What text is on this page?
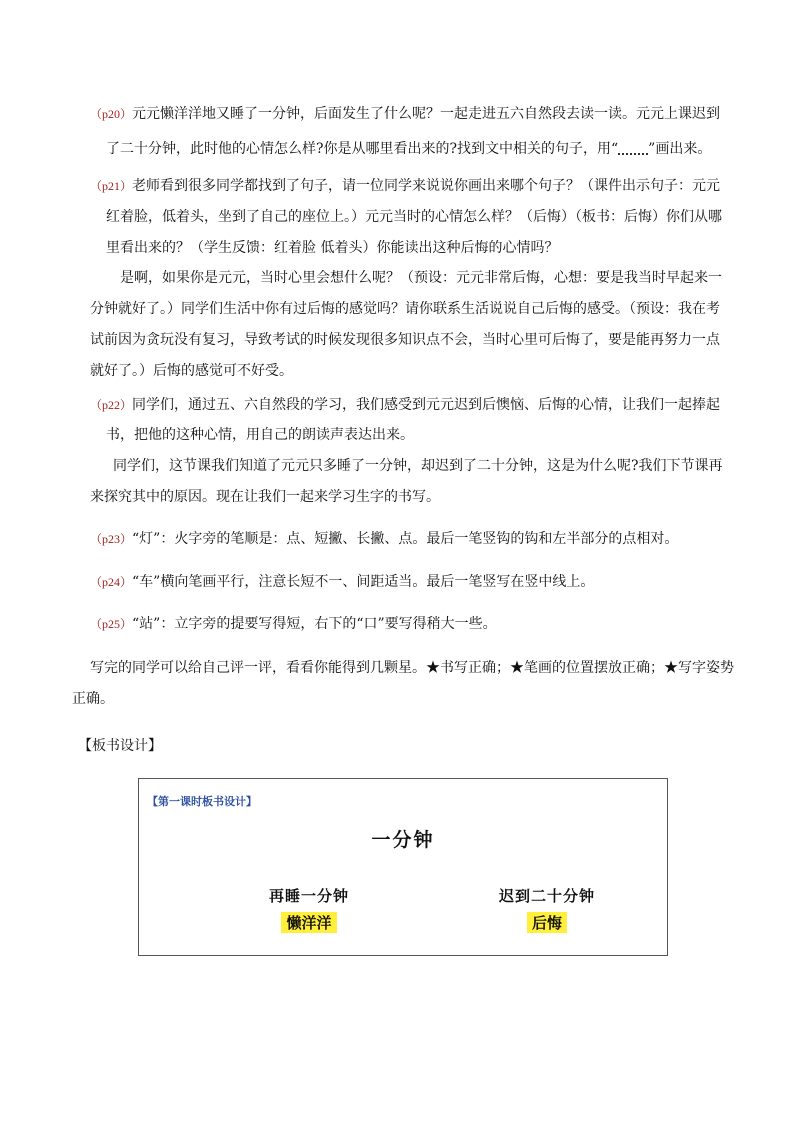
（p20）元元懒洋洋地又睡了一分钟，后面发生了什么呢？一起走进五六自然段去读一读。元元上课迟到
了二十分钟，此时他的心情怎么样?你是从哪里看出来的?找到文中相关的句子，用“ ”画出来。
（p21）老师看到很多同学都找到了句子，请一位同学来说说你画出来哪个句子？（课件出示句子：元元
红着脸，低着头，坐到了自己的座位上。）元元当时的心情怎么样？（后悔）（板书：后悔）你们从哪
里看出来的？（学生反馈：红着脸 低着头）你能读出这种后悔的心情吗？
是啊，如果你是元元，当时心里会想什么呢？（预设：元元非常后悔，心想：要是我当时早起来一
分钟就好了。）同学们生活中你有过后悔的感觉吗？请你联系生活说说自己后悔的感受。（预设：我在考
试前因为贪玩没有复习，导致考试的时候发现很多知识点不会，当时心里可后悔了，要是能再努力一点
就好了。）后悔的感觉可不好受。
（p22）同学们，通过五、六自然段的学习，我们感受到元元迟到后懊恼、后悔的心情，让我们一起捧起
书，把他的这种心情，用自己的朗读声表达出来。
同学们，这节课我们知道了元元只多睡了一分钟，却迟到了二十分钟，这是为什么呢?我们下节课再
来探究其中的原因。现在让我们一起来学习生字的书写。
（p23）“灯”：火字旁的笔顺是：点、短撇、长撇、点。最后一笔竖钩的钩和左半部分的点相对。
（p24）“车”横向笔画平行，注意长短不一、间距适当。最后一笔竖写在竖中线上。
（p25）“站”：立字旁的提要写得短，右下的“口”要写得稍大一些。
写完的同学可以给自己评一评，看看你能得到几颗星。★书写正确；★笔画的位置摆放正确；★写字姿势
正确。
【板书设计】
【第一课时板书设计】
一分钟
再睡一分钟
懒洋洋
迟到二十分钟
后悔
